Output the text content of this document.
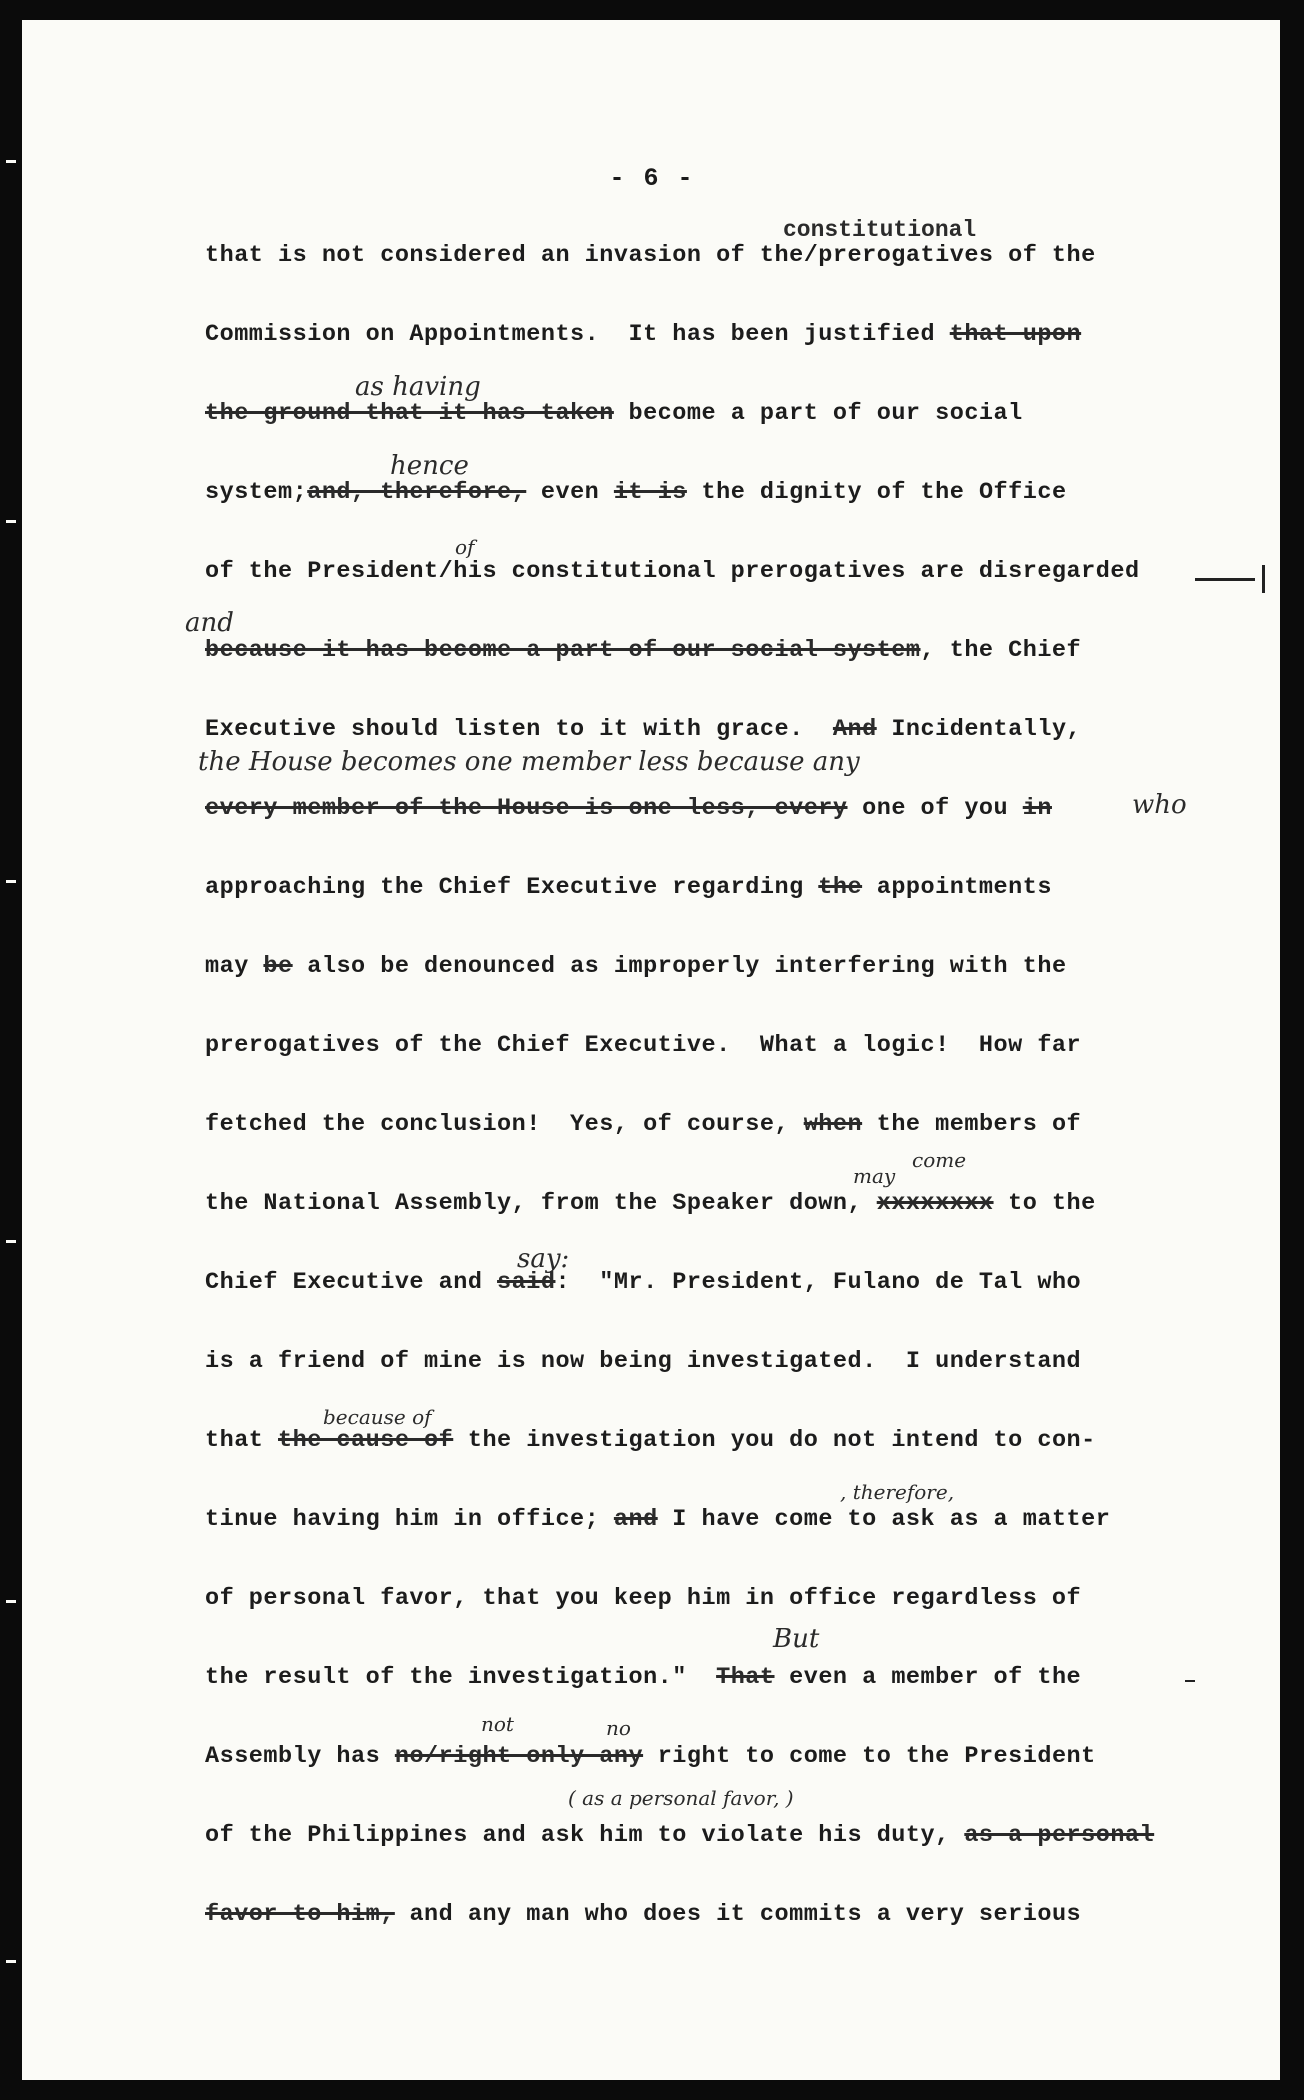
- 6 -
that is not considered an invasion of the/prerogatives of the
Commission on Appointments.  It has been justified that upon
the ground that it has taken become a part of our social
system;and, therefore, even it is the dignity of the Office
of the President/his constitutional prerogatives are disregarded
because it has become a part of our social system, the Chief
Executive should listen to it with grace.  And Incidentally,
every member of the House is one less, every one of you in
approaching the Chief Executive regarding the appointments
may be also be denounced as improperly interfering with the
prerogatives of the Chief Executive.  What a logic!  How far
fetched the conclusion!  Yes, of course, when the members of
the National Assembly, from the Speaker down, xxxxxxxx to the
Chief Executive and said:  "Mr. President, Fulano de Tal who
is a friend of mine is now being investigated.  I understand
that the cause of the investigation you do not intend to con-
tinue having him in office; and I have come to ask as a matter
of personal favor, that you keep him in office regardless of
the result of the investigation."  That even a member of the
Assembly has no/right only any right to come to the President
of the Philippines and ask him to violate his duty, as a personal
favor to him, and any man who does it commits a very serious
constitutional
as having
hence
of
and
the House becomes one member less because any
who
may
come
say:
because of
, therefore,
But
not	no
( as a personal favor, )
